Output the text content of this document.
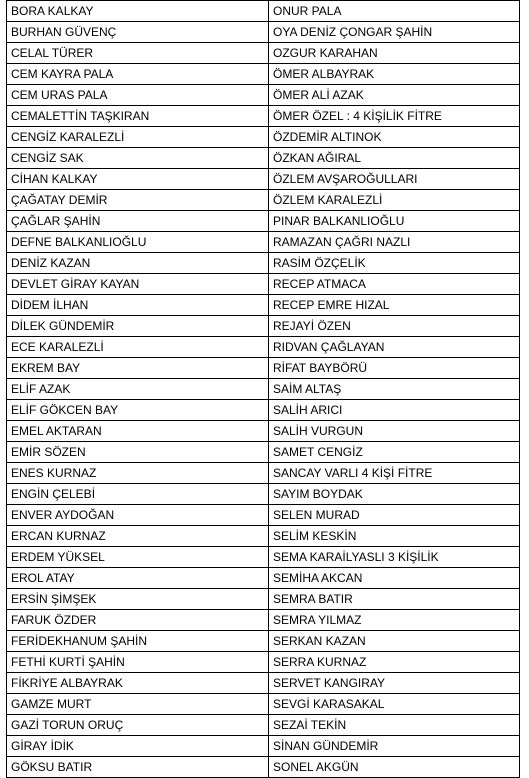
BORA KALKAY	ONUR PALA
BURHAN GÜVENÇ	OYA DENİZ ÇONGAR ŞAHİN
CELAL TÜRER	OZGUR KARAHAN
CEM KAYRA PALA	ÖMER ALBAYRAK
CEM URAS PALA	ÖMER ALİ AZAK
CEMALETTİN TAŞKIRAN	ÖMER ÖZEL : 4 KİŞİLİK FİTRE
CENGİZ KARALEZLİ	ÖZDEMİR ALTINOK
CENGİZ SAK	ÖZKAN AĞIRAL
CİHAN KALKAY	ÖZLEM AVŞAROĞULLARI
ÇAĞATAY DEMİR	ÖZLEM KARALEZLİ
ÇAĞLAR ŞAHİN	PINAR BALKANLIOĞLU
DEFNE BALKANLIOĞLU	RAMAZAN ÇAĞRI NAZLI
DENİZ KAZAN	RASİM ÖZÇELİK
DEVLET GİRAY KAYAN	RECEP ATMACA
DİDEM İLHAN	RECEP EMRE HIZAL
DİLEK GÜNDEMİR	REJAYİ ÖZEN
ECE KARALEZLİ	RIDVAN ÇAĞLAYAN
EKREM BAY	RİFAT BAYBÖRÜ
ELİF AZAK	SAİM ALTAŞ
ELİF GÖKCEN BAY	SALİH ARICI
EMEL AKTARAN	SALİH VURGUN
EMİR SÖZEN	SAMET CENGİZ
ENES KURNAZ	SANCAY VARLI 4 KİŞİ FİTRE
ENGİN ÇELEBİ	SAYIM BOYDAK
ENVER AYDOĞAN	SELEN MURAD
ERCAN KURNAZ	SELİM KESKİN
ERDEM YÜKSEL	SEMA KARAİLYASLI 3 KİŞİLİK
EROL ATAY	SEMİHA AKCAN
ERSİN ŞİMŞEK	SEMRA BATIR
FARUK ÖZDER	SEMRA YILMAZ
FERİDEKHANUM ŞAHİN	SERKAN KAZAN
FETHİ KURTİ ŞAHİN	SERRA KURNAZ
FİKRİYE ALBAYRAK	SERVET KANGIRAY
GAMZE MURT	SEVGİ KARASAKAL
GAZİ TORUN ORUÇ	SEZAİ TEKİN
GİRAY İDİK	SİNAN GÜNDEMİR
GÖKSU BATIR	SONEL AKGÜN
